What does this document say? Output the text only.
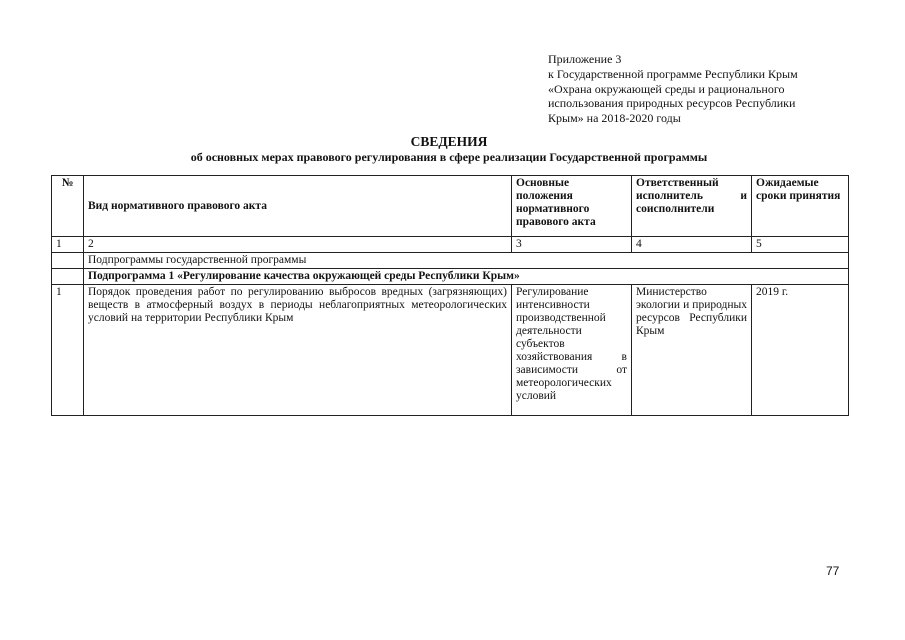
Приложение 3
к Государственной программе Республики Крым
«Охрана окружающей среды и рационального
использования природных ресурсов Республики
Крым» на 2018-2020 годы
СВЕДЕНИЯ
об основных мерах правового регулирования в сфере реализации Государственной программы
№	Вид нормативного правового акта	Основные положения нормативного правового акта	Ответственный исполнитель и соисполнители	Ожидаемые сроки принятия
1	2	3	4	5
	Подпрограммы государственной программы			
	Подпрограмма 1 «Регулирование качества окружающей среды Республики Крым»			
1	Порядок проведения работ по регулированию выбросов вредных (загрязняющих) веществ в атмосферный воздух в периоды неблагоприятных метеорологических условий на территории Республики Крым	Регулирование интенсивности производственной деятельности субъектов хозяйствования в зависимости от метеорологических условий	Министерство экологии и природных ресурсов Республики Крым	2019 г.
77
